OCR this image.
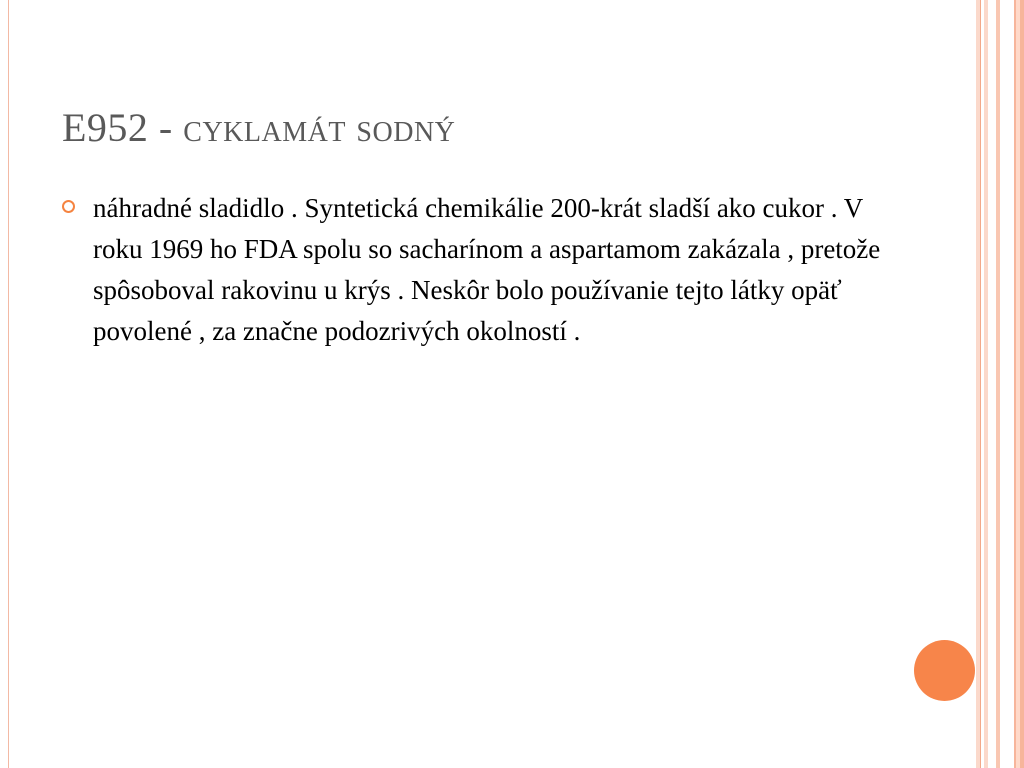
E952 - cyklamát sodný
náhradné sladidlo . Syntetická chemikálie 200-krát sladší ako cukor . V roku 1969 ho FDA spolu so sacharínom a aspartamom zakázala , pretože spôsoboval rakovinu u krýs . Neskôr bolo používanie tejto látky opäť povolené , za značne podozrivých okolností .
